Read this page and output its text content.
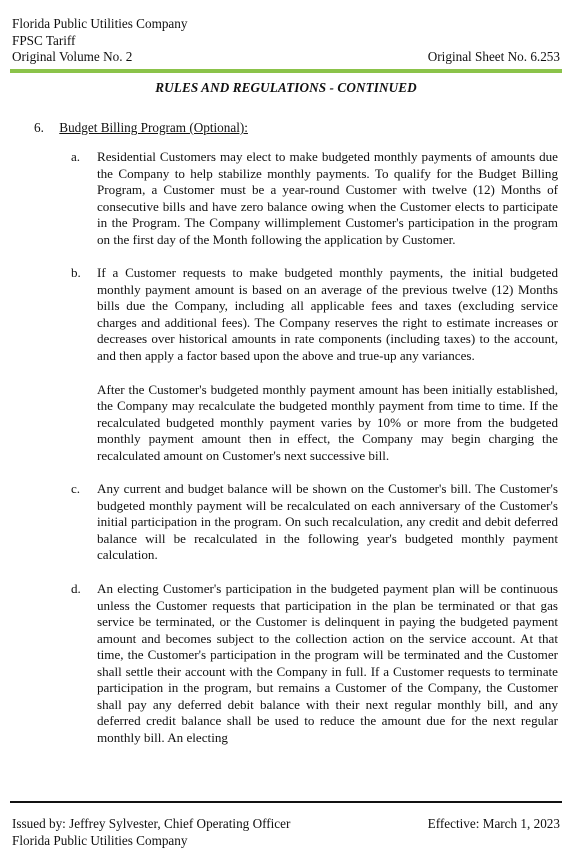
Florida Public Utilities Company
FPSC Tariff
Original Volume No. 2	Original Sheet No. 6.253
RULES AND REGULATIONS - CONTINUED
6. Budget Billing Program (Optional):
a.	Residential Customers may elect to make budgeted monthly payments of amounts due the Company to help stabilize monthly payments. To qualify for the Budget Billing Program, a Customer must be a year-round Customer with twelve (12) Months of consecutive bills and have zero balance owing when the Customer elects to participate in the Program. The Company willimplement Customer's participation in the program on the first day of the Month following the application by Customer.
b.	If a Customer requests to make budgeted monthly payments, the initial budgeted monthly payment amount is based on an average of the previous twelve (12) Months bills due the Company, including all applicable fees and taxes (excluding service charges and additional fees). The Company reserves the right to estimate increases or decreases over historical amounts in rate components (including taxes) to the account, and then apply a factor based upon the above and true-up any variances.
After the Customer's budgeted monthly payment amount has been initially established, the Company may recalculate the budgeted monthly payment from time to time. If the recalculated budgeted monthly payment varies by 10% or more from the budgeted monthly payment amount then in effect, the Company may begin charging the recalculated amount on Customer's next successive bill.
c.	Any current and budget balance will be shown on the Customer's bill. The Customer's budgeted monthly payment will be recalculated on each anniversary of the Customer's initial participation in the program. On such recalculation, any credit and debit deferred balance will be recalculated in the following year's budgeted monthly payment calculation.
d.	An electing Customer's participation in the budgeted payment plan will be continuous unless the Customer requests that participation in the plan be terminated or that gas service be terminated, or the Customer is delinquent in paying the budgeted payment amount and becomes subject to the collection action on the service account. At that time, the Customer's participation in the program will be terminated and the Customer shall settle their account with the Company in full. If a Customer requests to terminate participation in the program, but remains a Customer of the Company, the Customer shall pay any deferred debit balance with their next regular monthly bill, and any deferred credit balance shall be used to reduce the amount due for the next regular monthly bill. An electing
Issued by: Jeffrey Sylvester, Chief Operating Officer	Effective: March 1, 2023
Florida Public Utilities Company
